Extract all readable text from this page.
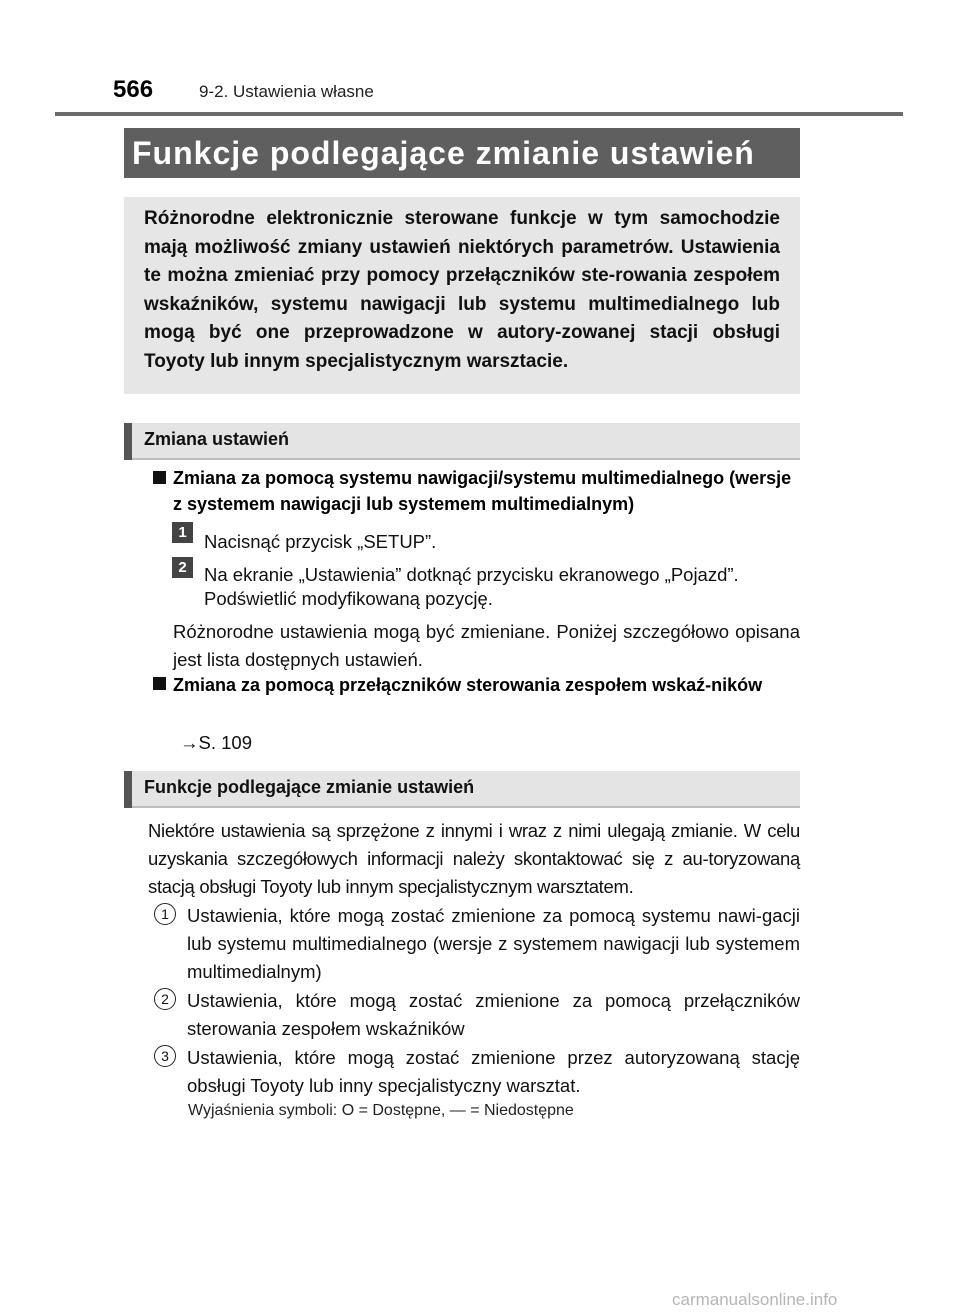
566	9-2. Ustawienia własne
Funkcje podlegające zmianie ustawień
Różnorodne elektronicznie sterowane funkcje w tym samochodzie mają możliwość zmiany ustawień niektórych parametrów. Ustawienia te można zmieniać przy pomocy przełączników ste-rowania zespołem wskaźników, systemu nawigacji lub systemu multimedialnego lub mogą być one przeprowadzone w autory-zowanej stacji obsługi Toyoty lub innym specjalistycznym warsztacie.
Zmiana ustawień
Zmiana za pomocą systemu nawigacji/systemu multimedialnego (wersje z systemem nawigacji lub systemem multimedialnym)
1 Nacisnąć przycisk „SETUP”.
2 Na ekranie „Ustawienia” dotknąć przycisku ekranowego „Pojazd”.
Podświetlić modyfikowaną pozycję.
Różnorodne ustawienia mogą być zmieniane. Poniżej szczegółowo opisana jest lista dostępnych ustawień.
Zmiana za pomocą przełączników sterowania zespołem wskaź-ników
→S. 109
Funkcje podlegające zmianie ustawień
Niektóre ustawienia są sprzężone z innymi i wraz z nimi ulegają zmianie. W celu uzyskania szczegółowych informacji należy skontaktować się z au-toryzowaną stacją obsługi Toyoty lub innym specjalistycznym warsztatem.
1 Ustawienia, które mogą zostać zmienione za pomocą systemu nawi-gacji lub systemu multimedialnego (wersje z systemem nawigacji lub systemem multimedialnym)
2 Ustawienia, które mogą zostać zmienione za pomocą przełączników sterowania zespołem wskaźników
3 Ustawienia, które mogą zostać zmienione przez autoryzowaną stację obsługi Toyoty lub inny specjalistyczny warsztat.
Wyjaśnienia symboli: O = Dostępne, — = Niedostępne
carmanualsonline.info
